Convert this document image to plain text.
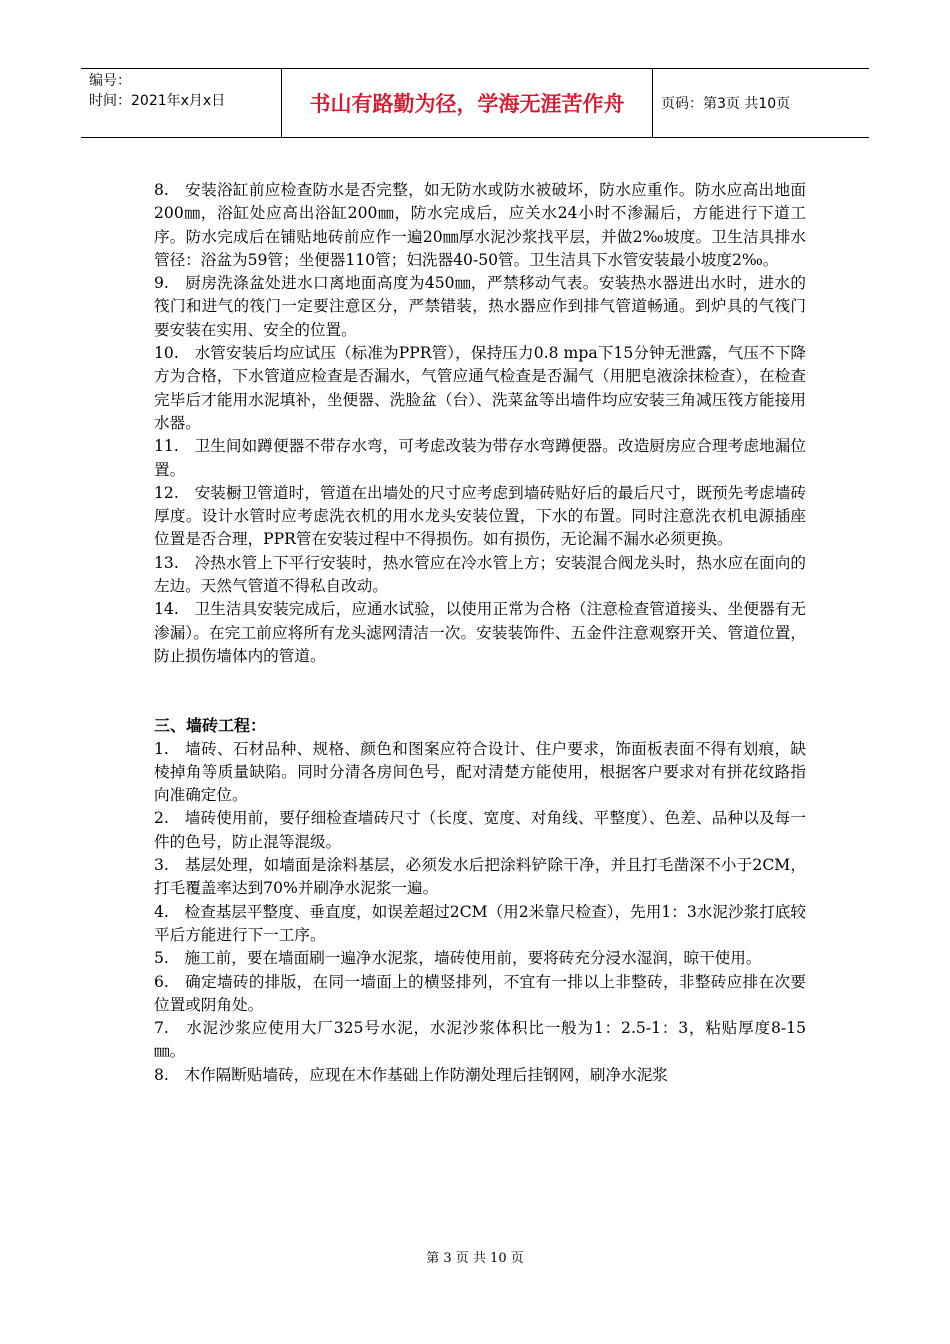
编号：
时间：2021年x月x日	书山有路勤为径，学海无涯苦作舟	页码：第3页 共10页

8.　安装浴缸前应检查防水是否完整，如无防水或防水被破坏，防水应重作。防水应高出地面200㎜，浴缸处应高出浴缸200㎜，防水完成后，应关水24小时不渗漏后，方能进行下道工序。防水完成后在铺贴地砖前应作一遍20㎜厚水泥沙浆找平层，并做2‰坡度。卫生洁具排水管径：浴盆为59管；坐便器110管；妇洗器40-50管。卫生洁具下水管安装最小坡度2‰。

9.　厨房洗涤盆处进水口离地面高度为450㎜，严禁移动气表。安装热水器进出水时，进水的筏门和进气的筏门一定要注意区分，严禁错装，热水器应作到排气管道畅通。到炉具的气筏门要安装在实用、安全的位置。

10.　水管安装后均应试压（标准为PPR管），保持压力0.8 mpa下15分钟无泄露，气压不下降方为合格，下水管道应检查是否漏水，气管应通气检查是否漏气（用肥皂液涂抹检查），在检查完毕后才能用水泥填补，坐便器、洗脸盆（台）、洗菜盆等出墙件均应安装三角减压筏方能接用水器。

11.　卫生间如蹲便器不带存水弯，可考虑改装为带存水弯蹲便器。改造厨房应合理考虑地漏位置。

12.　安装橱卫管道时，管道在出墙处的尺寸应考虑到墙砖贴好后的最后尺寸，既预先考虑墙砖厚度。设计水管时应考虑洗衣机的用水龙头安装位置，下水的布置。同时注意洗衣机电源插座位置是否合理，PPR管在安装过程中不得损伤。如有损伤，无论漏不漏水必须更换。

13.　冷热水管上下平行安装时，热水管应在冷水管上方；安装混合阀龙头时，热水应在面向的左边。天然气管道不得私自改动。

14.　卫生洁具安装完成后，应通水试验，以使用正常为合格（注意检查管道接头、坐便器有无渗漏）。在完工前应将所有龙头滤网清洁一次。安装装饰件、五金件注意观察开关、管道位置，防止损伤墙体内的管道。

三、墙砖工程：

1.　墙砖、石材品种、规格、颜色和图案应符合设计、住户要求，饰面板表面不得有划痕，缺棱掉角等质量缺陷。同时分清各房间色号，配对清楚方能使用，根据客户要求对有拼花纹路指向准确定位。

2.　墙砖使用前，要仔细检查墙砖尺寸（长度、宽度、对角线、平整度）、色差、品种以及每一件的色号，防止混等混级。

3.　基层处理，如墙面是涂料基层，必须发水后把涂料铲除干净，并且打毛凿深不小于2CM，打毛覆盖率达到70%并刷净水泥浆一遍。

4.　检查基层平整度、垂直度，如误差超过2CM（用2米靠尺检查），先用1：3水泥沙浆打底较平后方能进行下一工序。

5.　施工前，要在墙面刷一遍净水泥浆，墙砖使用前，要将砖充分浸水湿润，晾干使用。

6.　确定墙砖的排版，在同一墙面上的横竖排列，不宜有一排以上非整砖，非整砖应排在次要位置或阴角处。

7.　水泥沙浆应使用大厂325号水泥，水泥沙浆体积比一般为1：2.5-1：3，粘贴厚度8-15㎜。

8.　木作隔断贴墙砖，应现在木作基础上作防潮处理后挂钢网，刷净水泥浆

第 3 页 共 10 页
